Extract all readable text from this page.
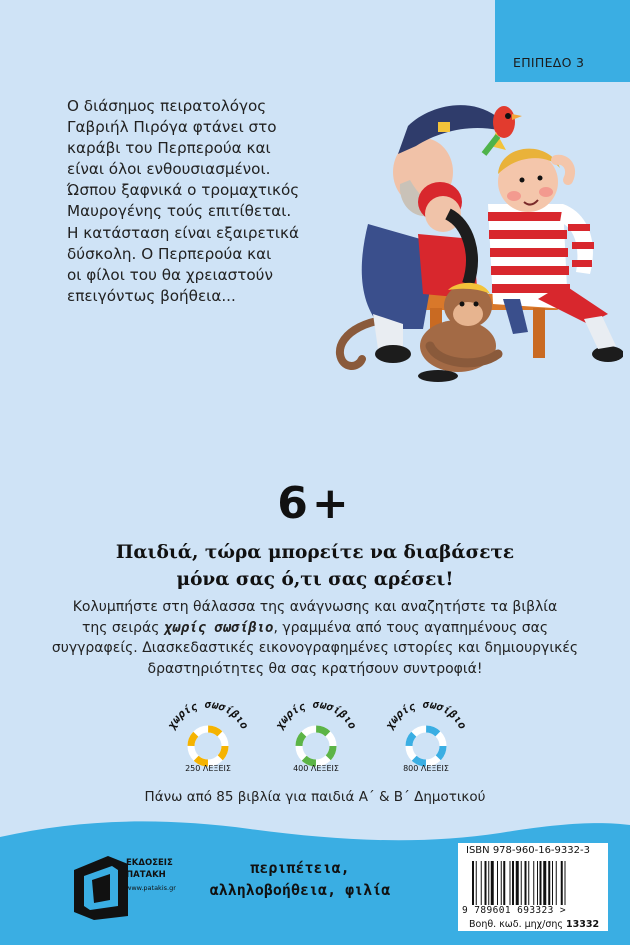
ΕΠΙΠΕΔΟ 3
Ο διάσημος πειρατολόγος
Γαβριήλ Πιρόγα φτάνει στο
καράβι του Περπερούα και
είναι όλοι ενθουσιασμένοι.
Ώσπου ξαφνικά ο τρομαχτικός
Μαυρογένης τούς επιτίθεται.
Η κατάσταση είναι εξαιρετικά
δύσκολη. Ο Περπερούα και
οι φίλοι του θα χρειαστούν
επειγόντως βοήθεια...
6+
Παιδιά, τώρα μπορείτε να διαβάσετε
μόνα σας ό,τι σας αρέσει!
Κολυμπήστε στη θάλασσα της ανάγνωσης και αναζητήστε τα βιβλία
της σειράς χωρίς σωσίβιο, γραμμένα από τους αγαπημένους σας
συγγραφείς. Διασκεδαστικές εικονογραφημένες ιστορίες και δημιουργικές
δραστηριότητες θα σας κρατήσουν συντροφιά!
χωρίς σωσίβιο
250 ΛΕΞΕΙΣ
χωρίς σωσίβιο
400 ΛΕΞΕΙΣ
χωρίς σωσίβιο
800 ΛΕΞΕΙΣ
Πάνω από 85 βιβλία για παιδιά Α΄ & Β΄ Δημοτικού
ΕΚΔΟΣΕΙΣ
ΠΑΤΑΚΗ
www.patakis.gr
περιπέτεια,
αλληλοβοήθεια, φιλία
ISBN 978-960-16-9332-3
9 789601 693323 >
Βοηθ. κωδ. μηχ/σης 13332
